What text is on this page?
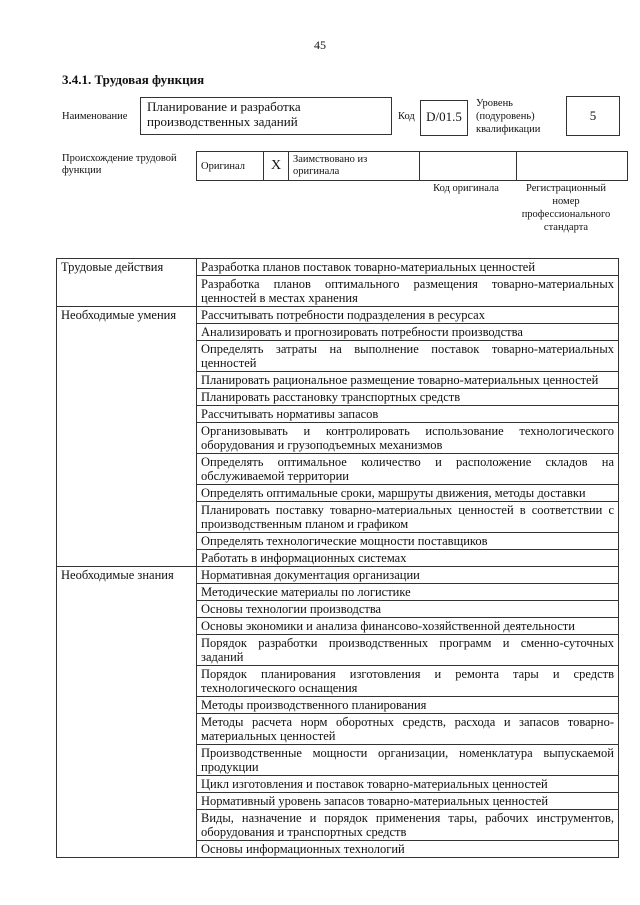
45
3.4.1. Трудовая функция
Наименование
Планирование и разработка производственных заданий	Код D/01.5
Уровень (подуровень) квалификации
5
Происхождение трудовой функции	Оригинал	X	Заимствовано из оригинала		
Код оригинала	Регистрационный номер профессионального стандарта
Трудовые действия	Разработка планов поставок товарно-материальных ценностей
	Разработка планов оптимального размещения товарно-материальных ценностей в местах хранения
Необходимые умения	Рассчитывать потребности подразделения в ресурсах
	Анализировать и прогнозировать потребности производства
	Определять затраты на выполнение поставок товарно-материальных ценностей
	Планировать рациональное размещение товарно-материальных ценностей
	Планировать расстановку транспортных средств
	Рассчитывать нормативы запасов
	Организовывать и контролировать использование технологического оборудования и грузоподъемных механизмов
	Определять оптимальное количество и расположение складов на обслуживаемой территории
	Определять оптимальные сроки, маршруты движения, методы доставки
	Планировать поставку товарно-материальных ценностей в соответствии с производственным планом и графиком
	Определять технологические мощности поставщиков
	Работать в информационных системах
Необходимые знания	Нормативная документация организации
	Методические материалы по логистике
	Основы технологии производства
	Основы экономики и анализа финансово-хозяйственной деятельности
	Порядок разработки производственных программ и сменно-суточных заданий
	Порядок планирования изготовления и ремонта тары и средств технологического оснащения
	Методы производственного планирования
	Методы расчета норм оборотных средств, расхода и запасов товарно-материальных ценностей
	Производственные мощности организации, номенклатура выпускаемой продукции
	Цикл изготовления и поставок товарно-материальных ценностей
	Нормативный уровень запасов товарно-материальных ценностей
	Виды, назначение и порядок применения тары, рабочих инструментов, оборудования и транспортных средств
	Основы информационных технологий
